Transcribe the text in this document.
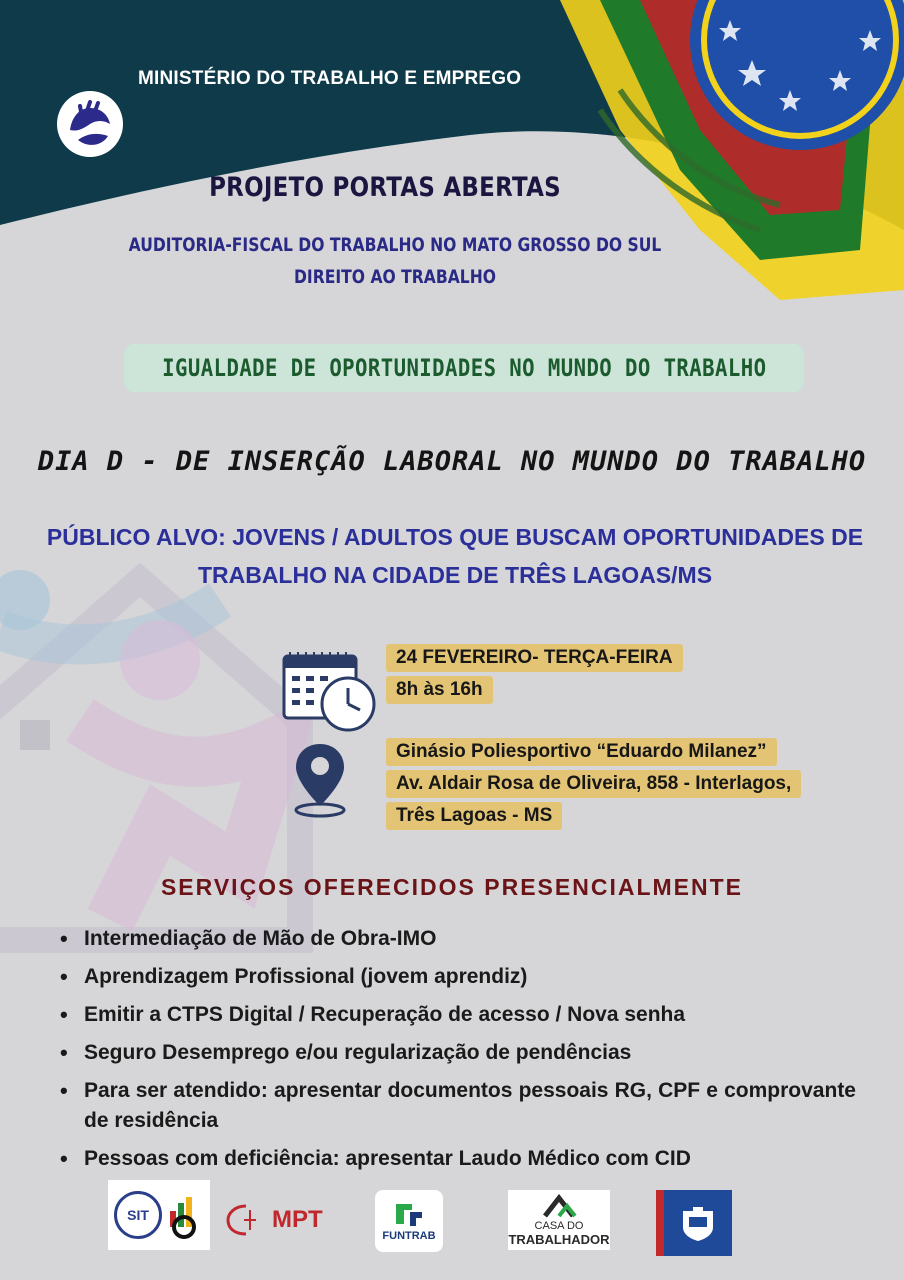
MINISTÉRIO DO TRABALHO E EMPREGO
PROJETO PORTAS ABERTAS
AUDITORIA-FISCAL DO TRABALHO NO MATO GROSSO DO SUL
DIREITO AO TRABALHO
IGUALDADE DE OPORTUNIDADES NO MUNDO DO TRABALHO
DIA D - DE INSERÇÃO LABORAL NO MUNDO DO TRABALHO
PÚBLICO ALVO: JOVENS / ADULTOS QUE BUSCAM OPORTUNIDADES DE
TRABALHO NA CIDADE DE TRÊS LAGOAS/MS
24 FEVEREIRO- TERÇA-FEIRA
8h às 16h
Ginásio Poliesportivo “Eduardo Milanez”
Av. Aldair Rosa de Oliveira, 858 - Interlagos,
Três Lagoas - MS
SERVIÇOS OFERECIDOS PRESENCIALMENTE
• Intermediação de Mão de Obra-IMO
• Aprendizagem Profissional (jovem aprendiz)
• Emitir a CTPS Digital / Recuperação de acesso / Nova senha
• Seguro Desemprego e/ou regularização de pendências
• Para ser atendido: apresentar documentos pessoais RG, CPF e comprovante de residência
• Pessoas com deficiência: apresentar Laudo Médico com CID
SIT	MPT
FUNTRAB
CASA DO
TRABALHADOR
